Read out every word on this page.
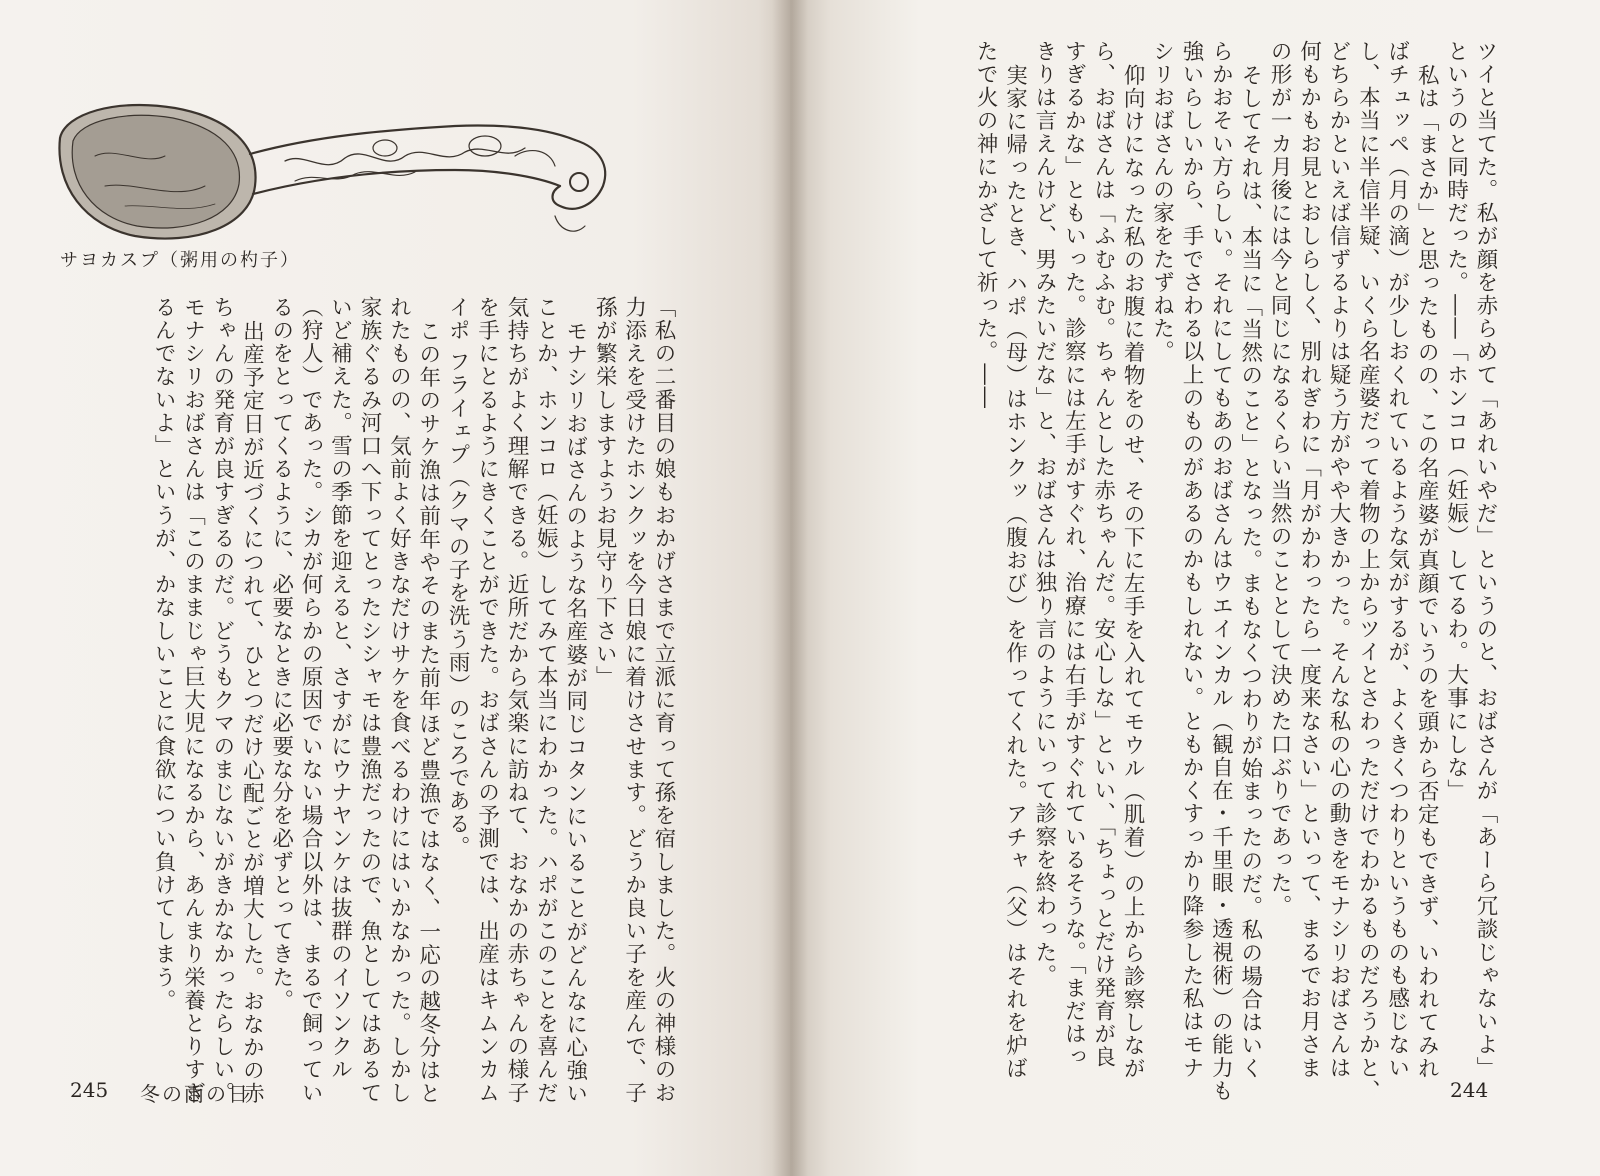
サヨカスプ（粥用の杓子）
「私の二番目の娘もおかげさまで立派に育って孫を宿しました。火の神様のお
力添えを受けたホンクッを今日娘に着けさせます。どうか良い子を産んで、子
孫が繁栄しますようお見守り下さい」
モナシリおばさんのような名産婆が同じコタンにいることがどんなに心強い
ことか、ホンコロ（妊娠）してみて本当にわかった。ハポがこのことを喜んだ
気持ちがよく理解できる。近所だから気楽に訪ねて、おなかの赤ちゃんの様子
を手にとるようにきくことができた。おばさんの予測では、出産はキムンカム
イポ フライェプ（クマの子を洗う雨）のころである。
この年のサケ漁は前年やそのまた前年ほど豊漁ではなく、一応の越冬分はと
れたものの、気前よく好きなだけサケを食べるわけにはいかなかった。しかし
家族ぐるみ河口へ下ってとったシシャモは豊漁だったので、魚としてはあるて
いど補えた。雪の季節を迎えると、さすがにウナヤンケは抜群のイソンクル
（狩人）であった。シカが何らかの原因でいない場合以外は、まるで飼ってい
るのをとってくるように、必要なときに必要な分を必ずとってきた。
出産予定日が近づくにつれて、ひとつだけ心配ごとが増大した。おなかの赤
ちゃんの発育が良すぎるのだ。どうもクマのまじないがきかなかったらしい。
モナシリおばさんは「このままじゃ巨大児になるから、あんまり栄養とりすぎ
るんでないよ」というが、かなしいことに食欲につい負けてしまう。	ツイと当てた。私が顔を赤らめて「あれいやだ」というのと、おばさんが「あーら冗談じゃないよ」
というのと同時だった。――「ホンコロ（妊娠）してるわ。大事にしな」
私は「まさか」と思ったものの、この名産婆が真顔でいうのを頭から否定もできず、いわれてみれ
ばチュッペ（月の滴）が少しおくれているような気がするが、よくきくつわりというものも感じない
し、本当に半信半疑、いくら名産婆だって着物の上からツイとさわっただけでわかるものだろうかと、
どちらかといえば信ずるよりは疑う方がやや大きかった。そんな私の心の動きをモナシリおばさんは
何もかもお見とおしらしく、別れぎわに「月がかわったら一度来なさい」といって、まるでお月さま
の形が一カ月後には今と同じになるくらい当然のこととして決めた口ぶりであった。
そしてそれは、本当に「当然のこと」となった。まもなくつわりが始まったのだ。私の場合はいく
らかおそい方らしい。それにしてもあのおばさんはウエインカル（観自在・千里眼・透視術）の能力も
強いらしいから、手でさわる以上のものがあるのかもしれない。ともかくすっかり降参した私はモナ
シリおばさんの家をたずねた。
仰向けになった私のお腹に着物をのせ、その下に左手を入れてモウル（肌着）の上から診察しなが
ら、おばさんは「ふむふむ。ちゃんとした赤ちゃんだ。安心しな」といい、「ちょっとだけ発育が良
すぎるかな」ともいった。診察には左手がすぐれ、治療には右手がすぐれているそうな。「まだはっ
きりは言えんけど、男みたいだな」と、おばさんは独り言のようにいって診察を終わった。
実家に帰ったとき、ハポ（母）はホンクッ（腹おび）を作ってくれた。アチャ（父）はそれを炉ば
たで火の神にかざして祈った。――
245 冬の雨の日	244
